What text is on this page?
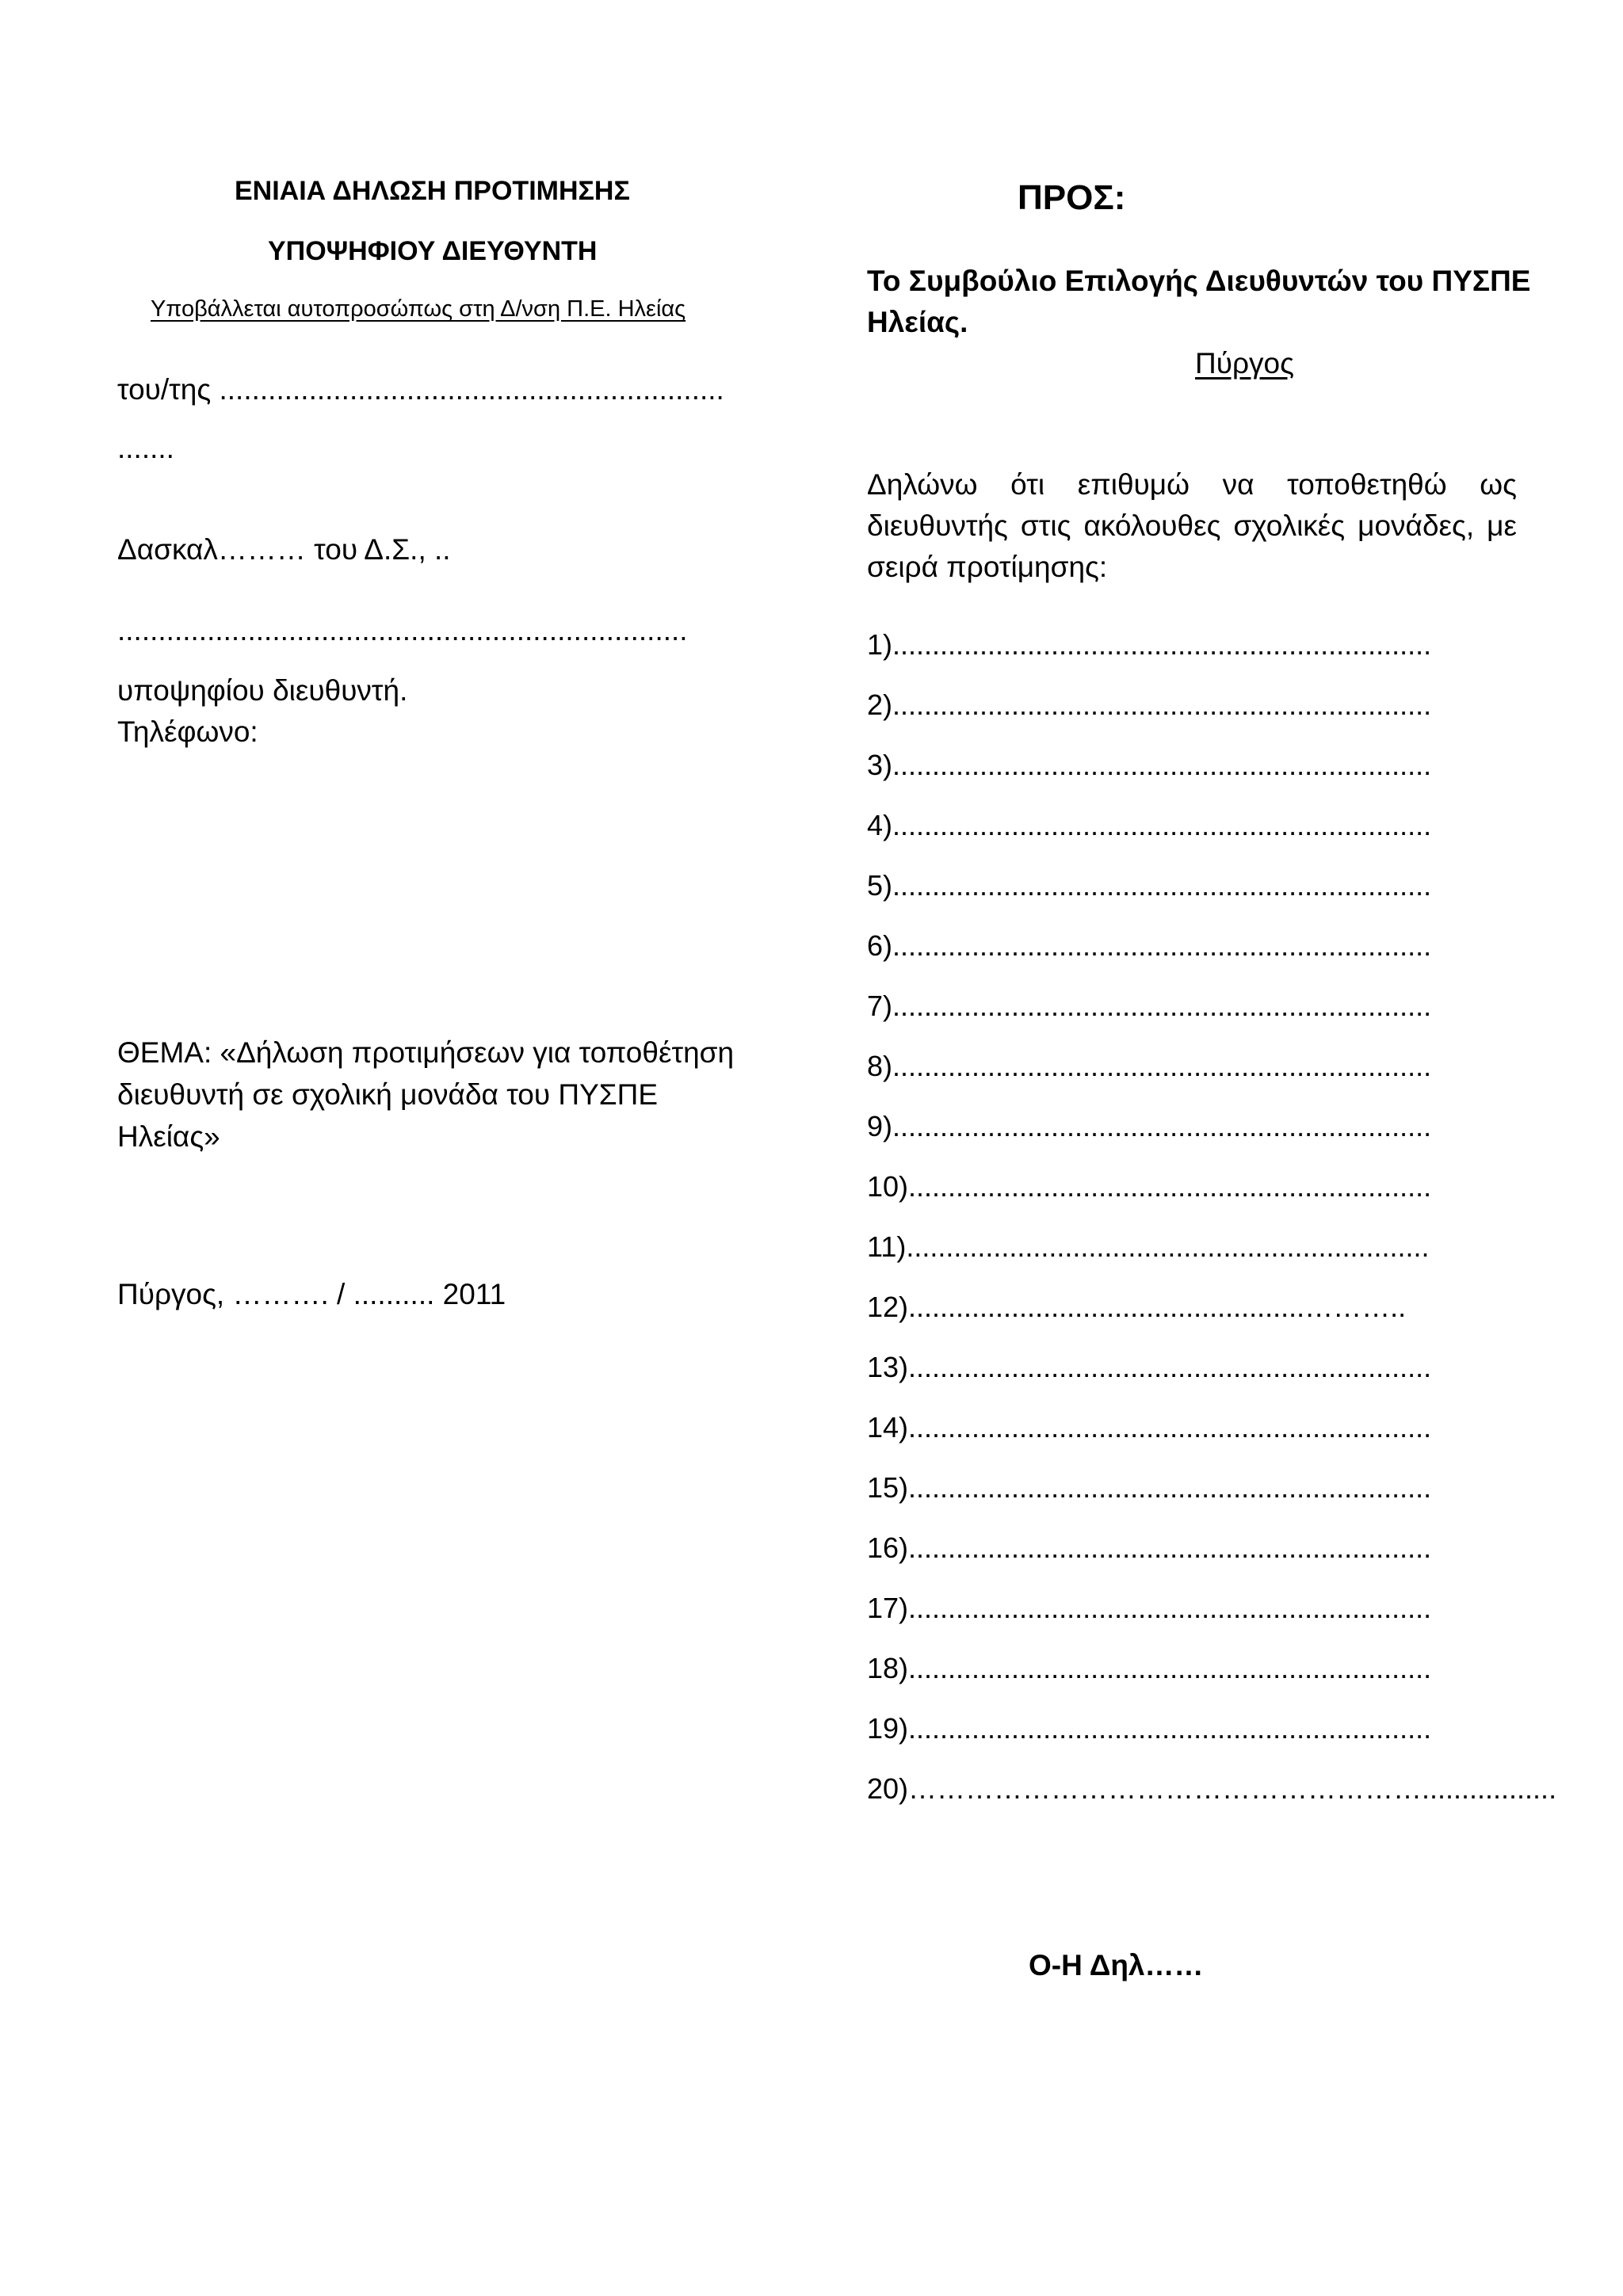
ΕΝΙΑΙΑ ΔΗΛΩΣΗ ΠΡΟΤΙΜΗΣΗΣ
ΥΠΟΨΗΦΙΟΥ ΔΙΕΥΘΥΝΤΗ
Υποβάλλεται αυτοπροσώπως στη Δ/νση Π.Ε. Ηλείας
του/της ..............................................................
.......
Δασκαλ……… του Δ.Σ., ..
......................................................................
υποψηφίου διευθυντή.
Τηλέφωνο:
ΘΕΜΑ: «Δήλωση προτιμήσεων για τοποθέτηση
διευθυντή σε σχολική μονάδα του ΠΥΣΠΕ
Ηλείας»
Πύργος, ………. / .......... 2011
ΠΡΟΣ:
Το Συμβούλιο Επιλογής Διευθυντών του ΠΥΣΠΕ
Ηλείας.
Πύργος
Δηλώνω ότι επιθυμώ να τοποθετηθώ ως διευθυντής στις ακόλουθες σχολικές μονάδες, με σειρά προτίμησης:
1)....................................................................
2)....................................................................
3)....................................................................
4)....................................................................
5)....................................................................
6)....................................................................
7)....................................................................
8)....................................................................
9)....................................................................
10)..................................................................
11)..................................................................
12)..................................................………..
13)..................................................................
14)..................................................................
15)..................................................................
16)..................................................................
17)..................................................................
18)..................................................................
19)..................................................................
20)……………………………………………….................
Ο-Η Δηλ……
